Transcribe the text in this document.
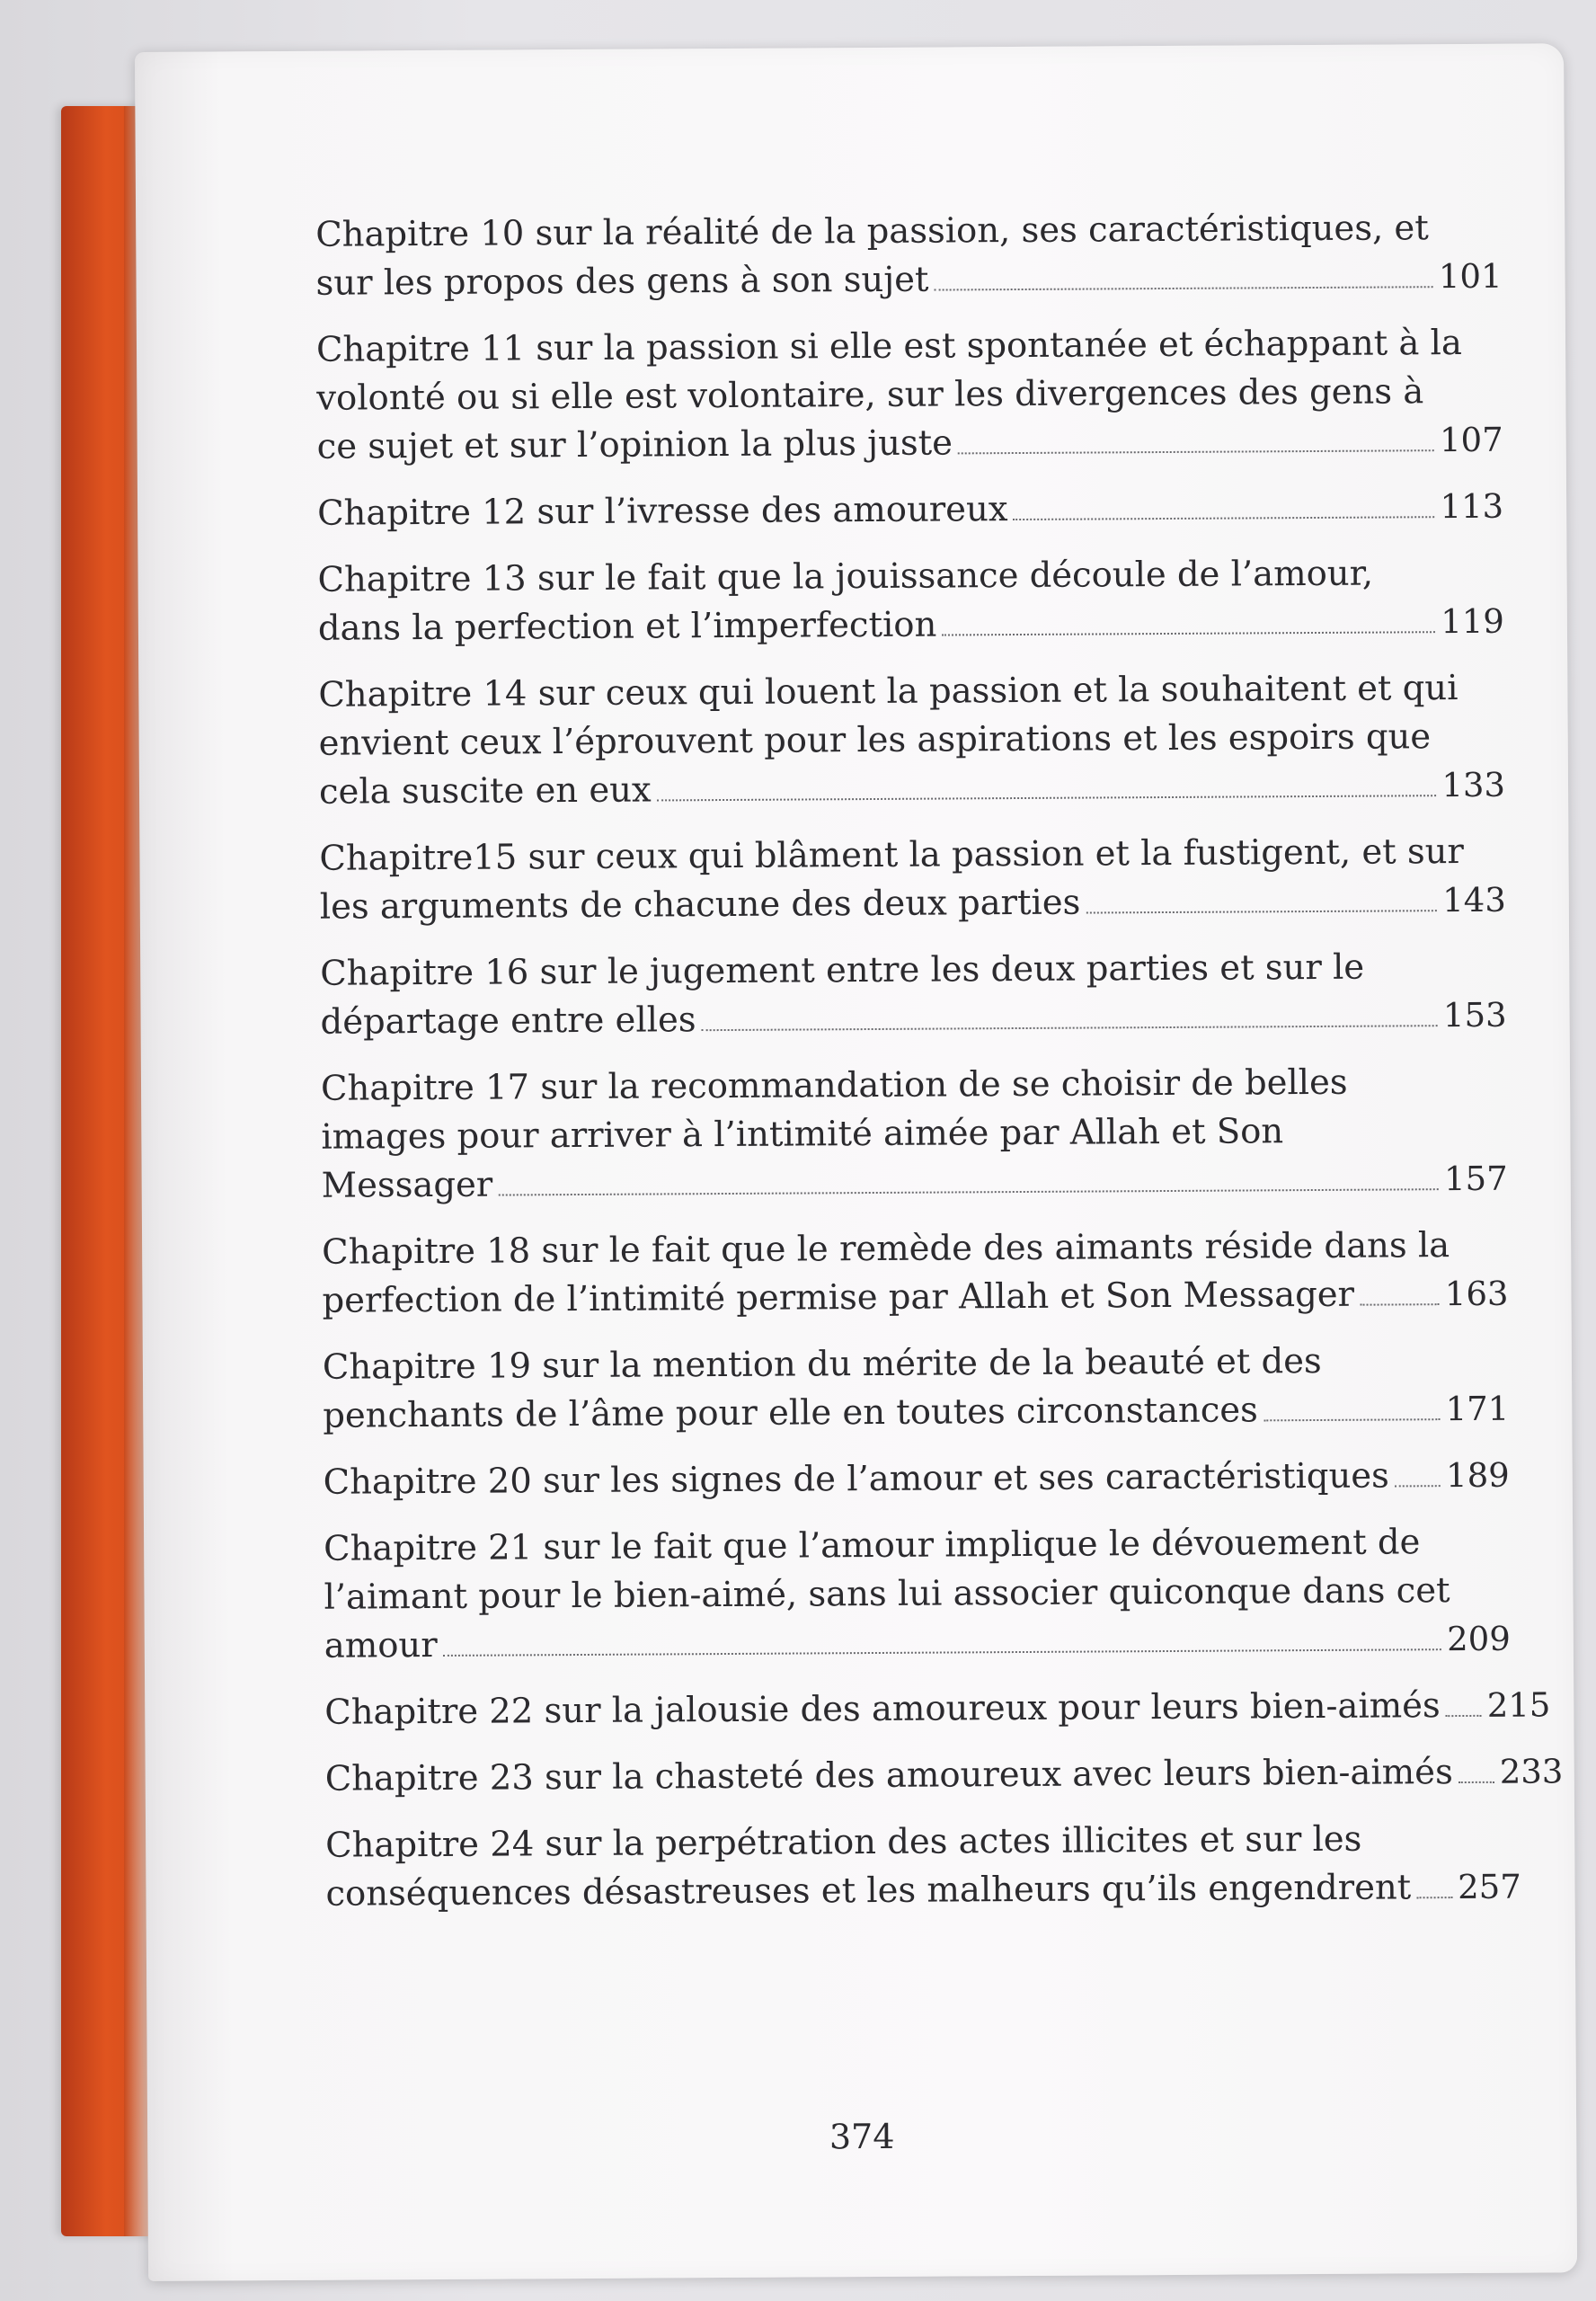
Chapitre 10 sur la réalité de la passion, ses caractéristiques, et
sur les propos des gens à son sujet	101
Chapitre 11 sur la passion si elle est spontanée et échappant à la
volonté ou si elle est volontaire, sur les divergences des gens à
ce sujet et sur l’opinion la plus juste	107
Chapitre 12 sur l’ivresse des amoureux	113
Chapitre 13 sur le fait que la jouissance découle de l’amour,
dans la perfection et l’imperfection	119
Chapitre 14 sur ceux qui louent la passion et la souhaitent et qui
envient ceux l’éprouvent pour les aspirations et les espoirs que
cela suscite en eux	133
Chapitre15 sur ceux qui blâment la passion et la fustigent, et sur
les arguments de chacune des deux parties	143
Chapitre 16 sur le jugement entre les deux parties et sur le
départage entre elles	153
Chapitre 17 sur la recommandation de se choisir de belles
images pour arriver à l’intimité aimée par Allah et Son
Messager	157
Chapitre 18 sur le fait que le remède des aimants réside dans la
perfection de l’intimité permise par Allah et Son Messager	163
Chapitre 19 sur la mention du mérite de la beauté et des
penchants de l’âme pour elle en toutes circonstances	171
Chapitre 20 sur les signes de l’amour et ses caractéristiques 189
Chapitre 21 sur le fait que l’amour implique le dévouement de
l’aimant pour le bien-aimé, sans lui associer quiconque dans cet
amour	209
Chapitre 22 sur la jalousie des amoureux pour leurs bien-aimés 215
Chapitre 23 sur la chasteté des amoureux avec leurs bien-aimés 233
Chapitre 24 sur la perpétration des actes illicites et sur les
conséquences désastreuses et les malheurs qu’ils engendrent 257
374
